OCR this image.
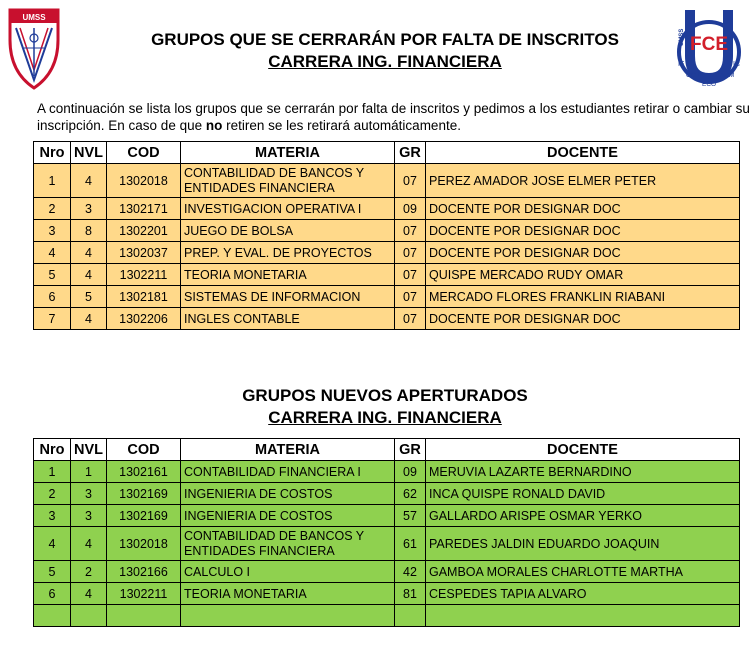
UMSS
FCE
UMSS
IF	IC
CCP	ADM
ECO
GRUPOS QUE SE CERRARÁN POR FALTA DE INSCRITOS
CARRERA ING. FINANCIERA
A continuación se lista los grupos que se cerrarán por falta de inscritos y pedimos a los estudiantes retirar o cambiar su inscripción. En caso de que no retiren se les retirará automáticamente.
Nro	NVL	COD	MATERIA	GR	DOCENTE
1	4	1302018	CONTABILIDAD DE BANCOS Y ENTIDADES FINANCIERA	07	PEREZ AMADOR JOSE ELMER PETER
2	3	1302171	INVESTIGACION OPERATIVA I	09	DOCENTE POR DESIGNAR DOC
3	8	1302201	JUEGO DE BOLSA	07	DOCENTE POR DESIGNAR DOC
4	4	1302037	PREP. Y EVAL. DE PROYECTOS	07	DOCENTE POR DESIGNAR DOC
5	4	1302211	TEORIA MONETARIA	07	QUISPE MERCADO RUDY OMAR
6	5	1302181	SISTEMAS DE INFORMACION	07	MERCADO FLORES FRANKLIN RIABANI
7	4	1302206	INGLES CONTABLE	07	DOCENTE POR DESIGNAR DOC
GRUPOS NUEVOS APERTURADOS
CARRERA ING. FINANCIERA
Nro	NVL	COD	MATERIA	GR	DOCENTE
1	1	1302161	CONTABILIDAD FINANCIERA I	09	MERUVIA LAZARTE BERNARDINO
2	3	1302169	INGENIERIA DE COSTOS	62	INCA QUISPE RONALD DAVID
3	3	1302169	INGENIERIA DE COSTOS	57	GALLARDO ARISPE OSMAR YERKO
4	4	1302018	CONTABILIDAD DE BANCOS Y ENTIDADES FINANCIERA	61	PAREDES JALDIN EDUARDO JOAQUIN
5	2	1302166	CALCULO I	42	GAMBOA MORALES CHARLOTTE MARTHA
6	4	1302211	TEORIA MONETARIA	81	CESPEDES TAPIA ALVARO
